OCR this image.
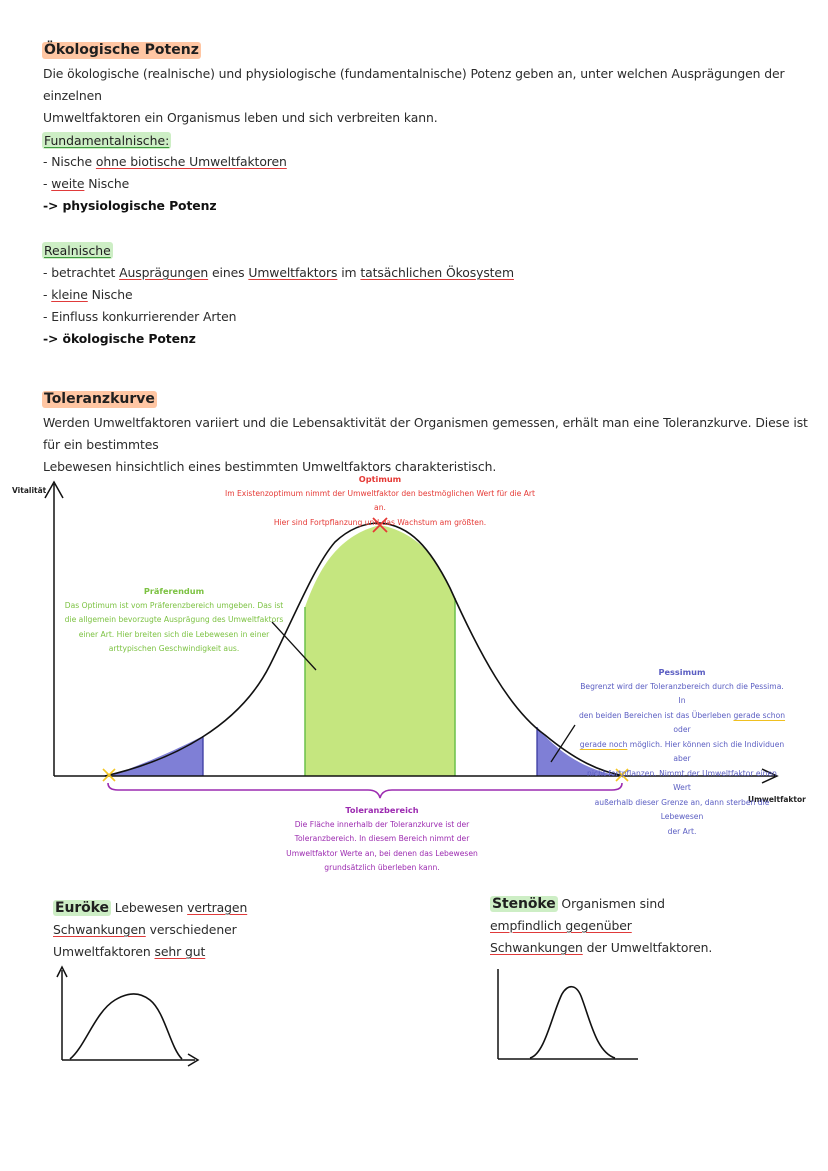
Ökologische Potenz
Die ökologische (realnische) und physiologische (fundamentalnische) Potenz geben an, unter welchen Ausprägungen der einzelnen
Umweltfaktoren ein Organismus leben und sich verbreiten kann.
Fundamentalnische:
- Nische ohne biotische Umweltfaktoren
- weite Nische
-> physiologische Potenz
Realnische
- betrachtet Ausprägungen eines Umweltfaktors im tatsächlichen Ökosystem
- kleine Nische
- Einfluss konkurrierender Arten
-> ökologische Potenz
Toleranzkurve
Werden Umweltfaktoren variiert und die Lebensaktivität der Organismen gemessen, erhält man eine Toleranzkurve. Diese ist für ein bestimmtes
Lebewesen hinsichtlich eines bestimmten Umweltfaktors charakteristisch.
Vitalität
Umweltfaktor
Optimum
Im Existenzoptimum nimmt der Umweltfaktor den bestmöglichen Wert für die Art an.
Hier sind Fortpflanzung und das Wachstum am größten.
Präferendum
Das Optimum ist vom Präferenzbereich umgeben. Das ist
die allgemein bevorzugte Ausprägung des Umweltfaktors
einer Art. Hier breiten sich die Lebewesen in einer
arttypischen Geschwindigkeit aus.
Pessimum
Begrenzt wird der Toleranzbereich durch die Pessima. In
den beiden Bereichen ist das Überleben gerade schon oder
gerade noch möglich. Hier können sich die Individuen aber
nicht fortpflanzen. Nimmt der Umweltfaktor einen Wert
außerhalb dieser Grenze an, dann sterben die Lebewesen
der Art.
Toleranzbereich
Die Fläche innerhalb der Toleranzkurve ist der
Toleranzbereich. In diesem Bereich nimmt der
Umweltfaktor Werte an, bei denen das Lebewesen
grundsätzlich überleben kann.
Euröke Lebewesen vertragen
Schwankungen verschiedener
Umweltfaktoren sehr gut
Stenöke Organismen sind
empfindlich gegenüber
Schwankungen der Umweltfaktoren.
